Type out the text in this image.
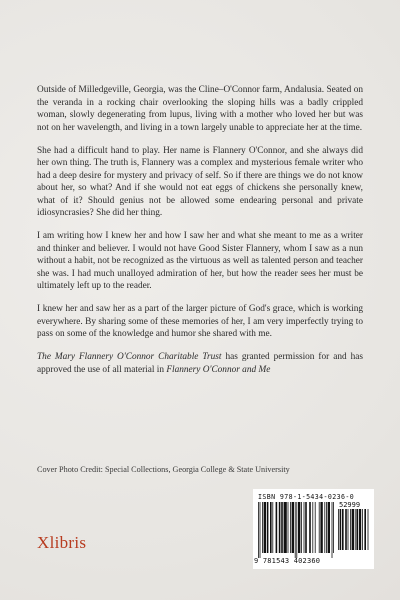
Outside of Milledgeville, Georgia, was the Cline–O'Connor farm, Andalusia. Seated on the veranda in a rocking chair overlooking the sloping hills was a badly crippled woman, slowly degenerating from lupus, living with a mother who loved her but was not on her wavelength, and living in a town largely unable to appreciate her at the time.

She had a difficult hand to play. Her name is Flannery O'Connor, and she always did her own thing. The truth is, Flannery was a complex and mysterious female writer who had a deep desire for mystery and privacy of self. So if there are things we do not know about her, so what? And if she would not eat eggs of chickens she personally knew, what of it? Should genius not be allowed some endearing personal and private idiosyncrasies? She did her thing.

I am writing how I knew her and how I saw her and what she meant to me as a writer and thinker and believer. I would not have Good Sister Flannery, whom I saw as a nun without a habit, not be recognized as the virtuous as well as talented person and teacher she was. I had much unalloyed admiration of her, but how the reader sees her must be ultimately left up to the reader.

I knew her and saw her as a part of the larger picture of God's grace, which is working everywhere. By sharing some of these memories of her, I am very imperfectly trying to pass on some of the knowledge and humor she shared with me.

The Mary Flannery O'Connor Charitable Trust has granted permission for and has approved the use of all material in Flannery O'Connor and Me

Cover Photo Credit: Special Collections, Georgia College & State University
Xlibris
ISBN 978-1-5434-0236-0
52999
9 781543 402360
